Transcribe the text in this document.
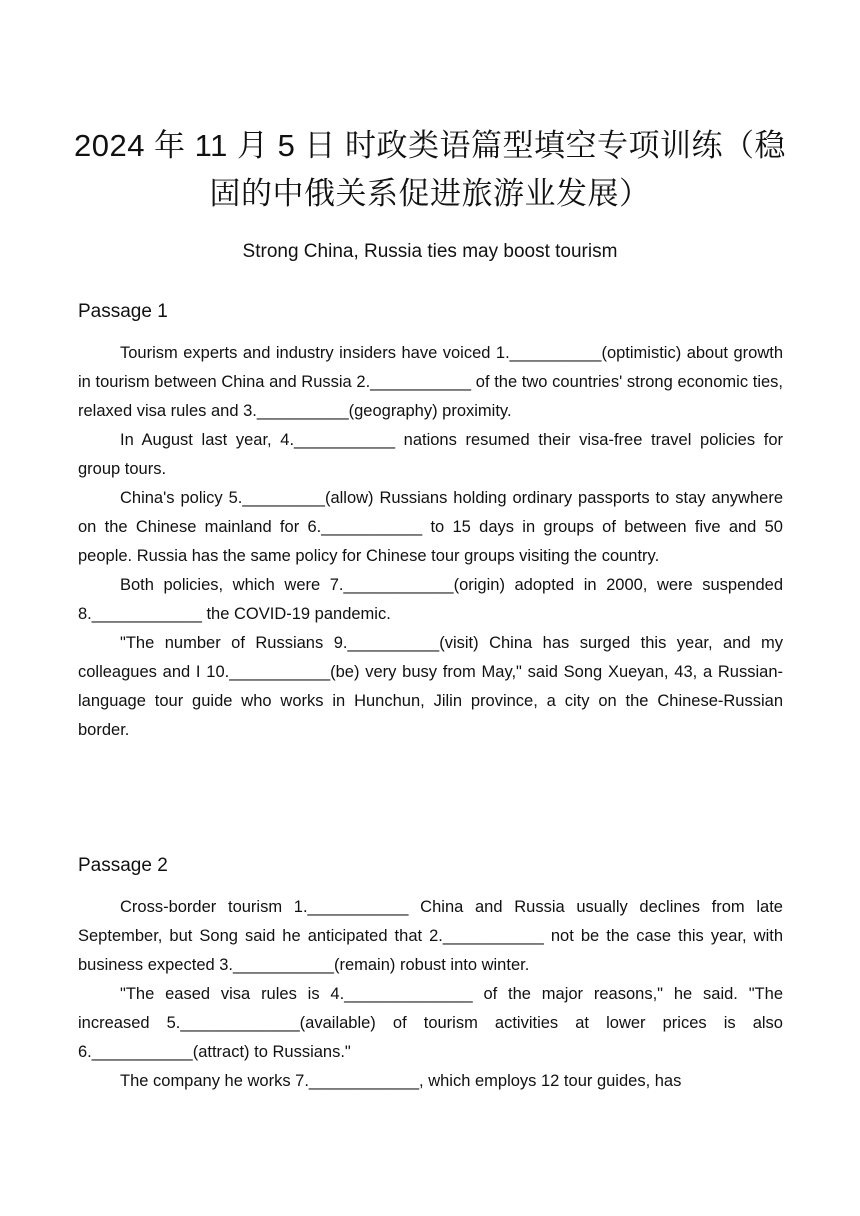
2024 年 11 月 5 日 时政类语篇型填空专项训练（稳
固的中俄关系促进旅游业发展）

Strong China, Russia ties may boost tourism

Passage 1

Tourism experts and industry insiders have voiced 1.__________(optimistic) about growth in tourism between China and Russia 2.___________ of the two countries' strong economic ties, relaxed visa rules and 3.__________(geography) proximity.

In August last year, 4.___________ nations resumed their visa-free travel policies for group tours.

China's policy 5._________(allow) Russians holding ordinary passports to stay anywhere on the Chinese mainland for 6.___________ to 15 days in groups of between five and 50 people. Russia has the same policy for Chinese tour groups visiting the country.

Both policies, which were 7.____________(origin) adopted in 2000, were suspended 8.____________ the COVID-19 pandemic.

"The number of Russians 9.__________(visit) China has surged this year, and my colleagues and I 10.___________(be) very busy from May," said Song Xueyan, 43, a Russian-language tour guide who works in Hunchun, Jilin province, a city on the Chinese-Russian border.

Passage 2

Cross-border tourism 1.___________ China and Russia usually declines from late September, but Song said he anticipated that 2.___________ not be the case this year, with business expected 3.___________(remain) robust into winter.

"The eased visa rules is 4.______________ of the major reasons," he said. "The increased 5._____________(available) of tourism activities at lower prices is also 6.___________(attract) to Russians."

The company he works 7.____________, which employs 12 tour guides, has
